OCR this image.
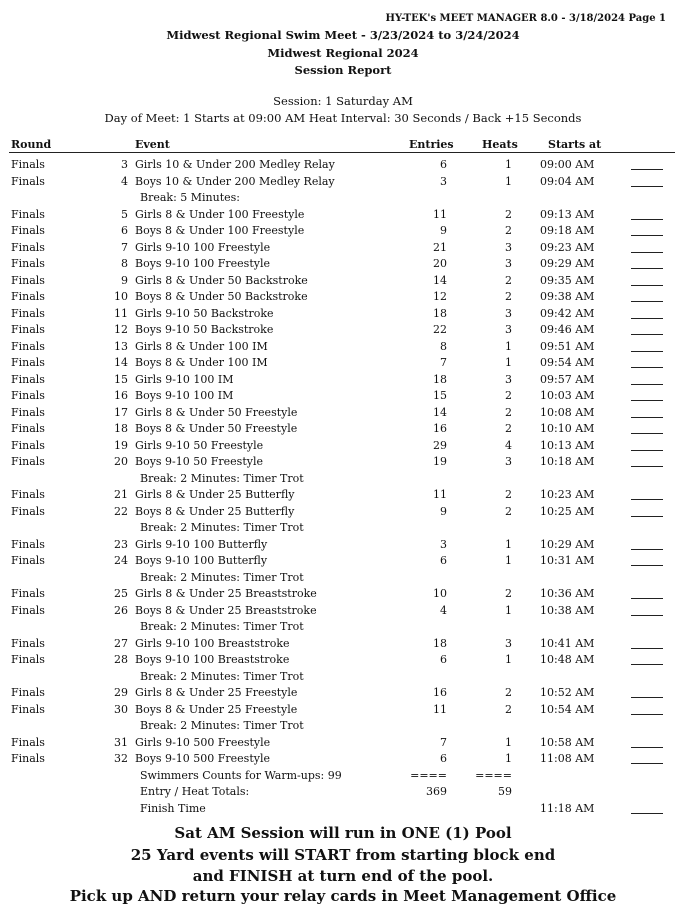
HY-TEK's MEET MANAGER 8.0 - 3/18/2024 Page 1
Midwest Regional Swim Meet - 3/23/2024 to 3/24/2024
Midwest Regional 2024
Session Report
Session: 1 Saturday AM
Day of Meet: 1 Starts at 09:00 AM Heat Interval: 30 Seconds / Back +15 Seconds
Round	Event	Entries	Heats	Starts at
Finals	3 Girls 10 & Under 200 Medley Relay	6	1	09:00 AM
Finals	4 Boys 10 & Under 200 Medley Relay	3	1	09:04 AM
Break: 5 Minutes:
Finals	5 Girls 8 & Under 100 Freestyle	11	2	09:13 AM
Finals	6 Boys 8 & Under 100 Freestyle	9	2	09:18 AM
Finals	7 Girls 9-10 100 Freestyle	21	3	09:23 AM
Finals	8 Boys 9-10 100 Freestyle	20	3	09:29 AM
Finals	9 Girls 8 & Under 50 Backstroke	14	2	09:35 AM
Finals	10 Boys 8 & Under 50 Backstroke	12	2	09:38 AM
Finals	11 Girls 9-10 50 Backstroke	18	3	09:42 AM
Finals	12 Boys 9-10 50 Backstroke	22	3	09:46 AM
Finals	13 Girls 8 & Under 100 IM	8	1	09:51 AM
Finals	14 Boys 8 & Under 100 IM	7	1	09:54 AM
Finals	15 Girls 9-10 100 IM	18	3	09:57 AM
Finals	16 Boys 9-10 100 IM	15	2	10:03 AM
Finals	17 Girls 8 & Under 50 Freestyle	14	2	10:08 AM
Finals	18 Boys 8 & Under 50 Freestyle	16	2	10:10 AM
Finals	19 Girls 9-10 50 Freestyle	29	4	10:13 AM
Finals	20 Boys 9-10 50 Freestyle	19	3	10:18 AM
Break: 2 Minutes: Timer Trot
Finals	21 Girls 8 & Under 25 Butterfly	11	2	10:23 AM
Finals	22 Boys 8 & Under 25 Butterfly	9	2	10:25 AM
Break: 2 Minutes: Timer Trot
Finals	23 Girls 9-10 100 Butterfly	3	1	10:29 AM
Finals	24 Boys 9-10 100 Butterfly	6	1	10:31 AM
Break: 2 Minutes: Timer Trot
Finals	25 Girls 8 & Under 25 Breaststroke	10	2	10:36 AM
Finals	26 Boys 8 & Under 25 Breaststroke	4	1	10:38 AM
Break: 2 Minutes: Timer Trot
Finals	27 Girls 9-10 100 Breaststroke	18	3	10:41 AM
Finals	28 Boys 9-10 100 Breaststroke	6	1	10:48 AM
Break: 2 Minutes: Timer Trot
Finals	29 Girls 8 & Under 25 Freestyle	16	2	10:52 AM
Finals	30 Boys 8 & Under 25 Freestyle	11	2	10:54 AM
Break: 2 Minutes: Timer Trot
Finals	31 Girls 9-10 500 Freestyle	7	1	10:58 AM
Finals	32 Boys 9-10 500 Freestyle	6	1	11:08 AM
Swimmers Counts for Warm-ups: 99	====	====
Entry / Heat Totals:	369	59
Finish Time	11:18 AM
Sat AM Session will run in ONE (1) Pool
25 Yard events will START from starting block end
and FINISH at turn end of the pool.
Pick up AND return your relay cards in Meet Management Office
